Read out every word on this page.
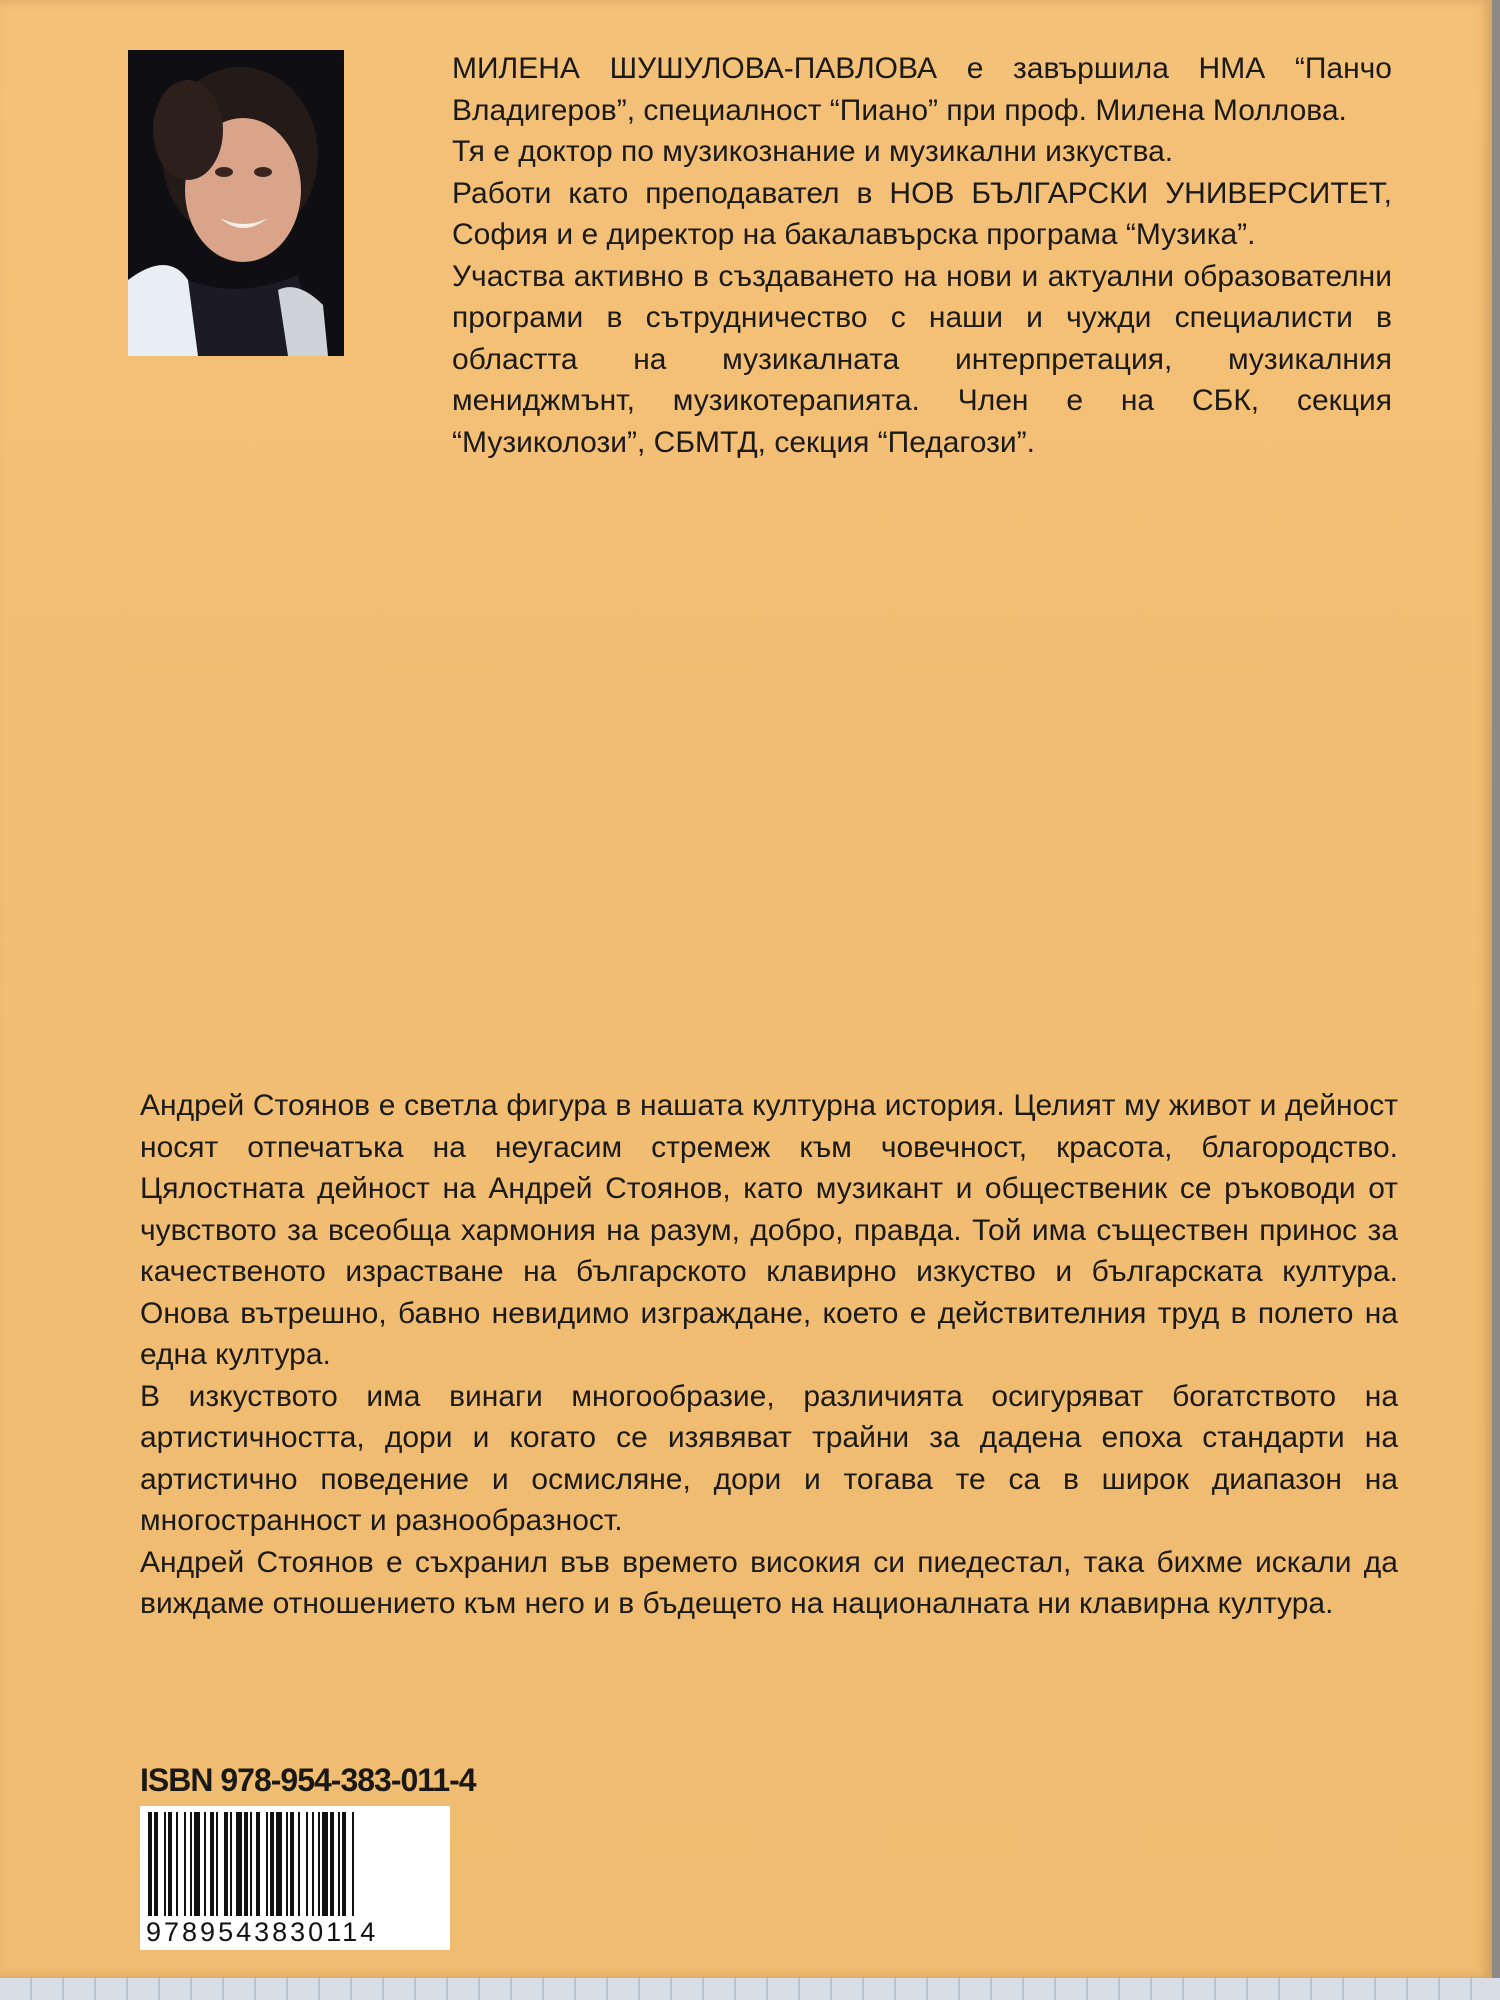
МИЛЕНА ШУШУЛОВА-ПАВЛОВА е завършила НМА “Панчо Владигеров”, специалност “Пиано” при проф. Милена Моллова.

Тя е доктор по музикознание и музикални изкуства.

Работи като преподавател в НОВ БЪЛГАРСКИ УНИВЕРСИТЕТ, София и е директор на бакалавърска програма “Музика”.

Участва активно в създаването на нови и актуални образователни програми в сътрудничество с наши и чужди специалисти в областта на музикалната интерпретация, музикалния мениджмънт, музикотерапията. Член е на СБК, секция “Музиколози”, СБМТД, секция “Педагози”.

Андрей Стоянов е светла фигура в нашата културна история. Целият му живот и дейност носят отпечатъка на неугасим стремеж към човечност, красота, благородство. Цялостната дейност на Андрей Стоянов, като музикант и общественик се ръководи от чувството за всеобща хармония на разум, добро, правда. Той има съществен принос за качественото израстване на българското клавирно изкуство и българската култура. Онова вътрешно, бавно невидимо изграждане, което е действителния труд в полето на една култура.

В изкуството има винаги многообразие, различията осигуряват богатството на артистичността, дори и когато се изявяват трайни за дадена епоха стандарти на артистично поведение и осмисляне, дори и тогава те са в широк диапазон на многостранност и разнообразност.

Андрей Стоянов е съхранил във времето високия си пиедестал, така бихме искали да виждаме отношението към него и в бъдещето на националната ни клавирна култура.

ISBN 978-954-383-011-4
9789543830114
